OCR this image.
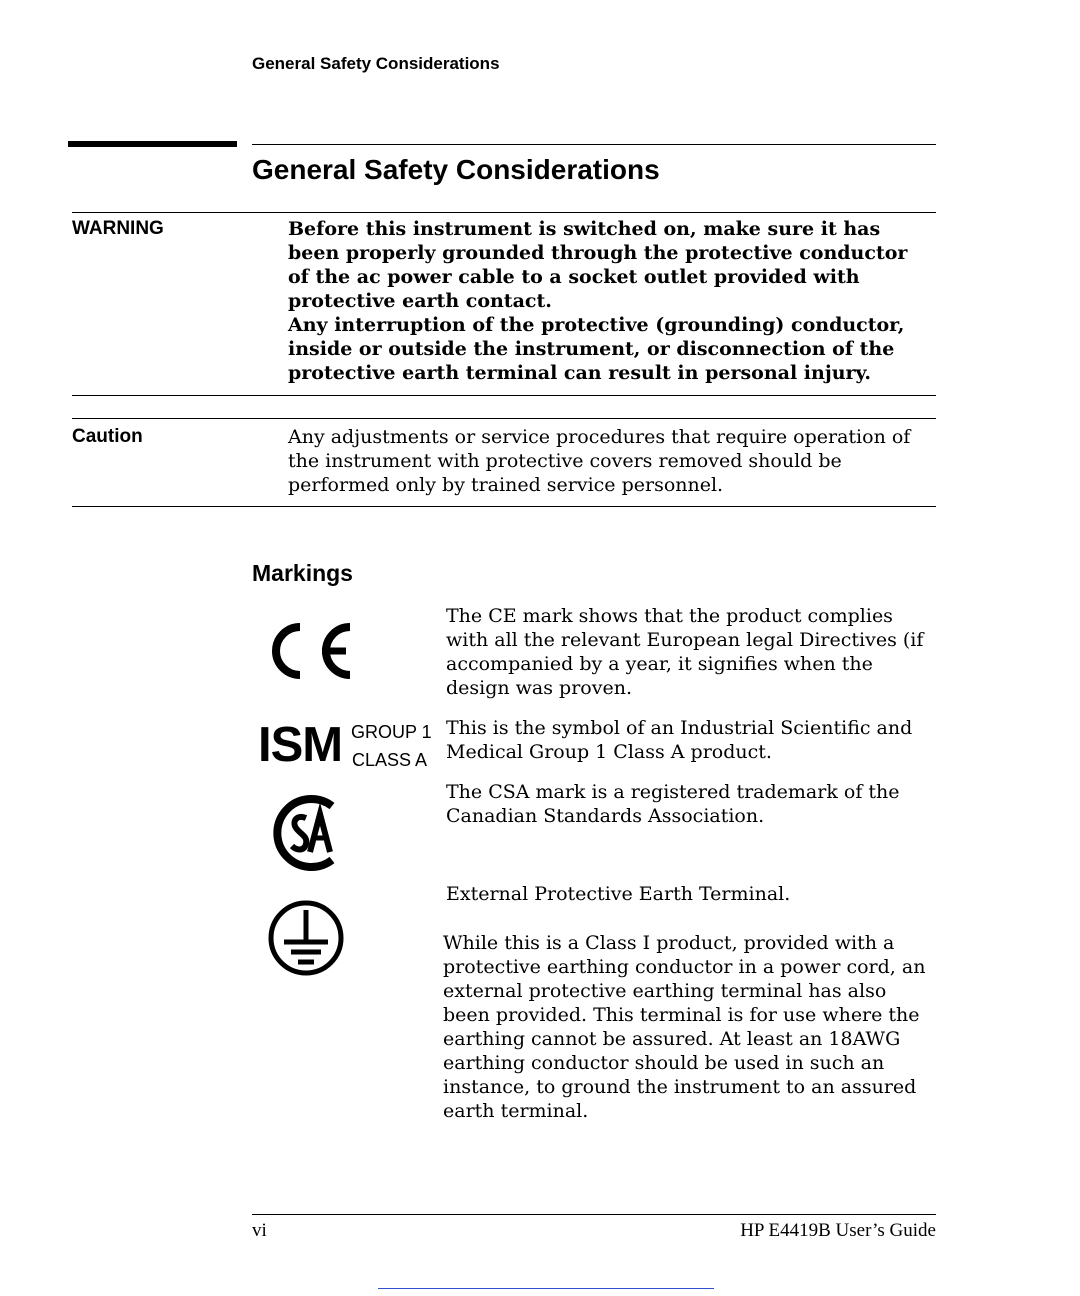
General Safety Considerations
General Safety Considerations
WARNING	Before this instrument is switched on, make sure it has been properly grounded through the protective conductor of the ac power cable to a socket outlet provided with protective earth contact.
Any interruption of the protective (grounding) conductor, inside or outside the instrument, or disconnection of the protective earth terminal can result in personal injury.
Caution	Any adjustments or service procedures that require operation of the instrument with protective covers removed should be performed only by trained service personnel.
Markings
The CE mark shows that the product complies with all the relevant European legal Directives (if accompanied by a year, it signifies when the design was proven.
ISM GROUP 1
CLASS A
This is the symbol of an Industrial Scientific and Medical Group 1 Class A product.
The CSA mark is a registered trademark of the Canadian Standards Association.
External Protective Earth Terminal.
While this is a Class I product, provided with a protective earthing conductor in a power cord, an external protective earthing terminal has also been provided. This terminal is for use where the earthing cannot be assured. At least an 18AWG earthing conductor should be used in such an instance, to ground the instrument to an assured earth terminal.
vi	HP E4419B User’s Guide
